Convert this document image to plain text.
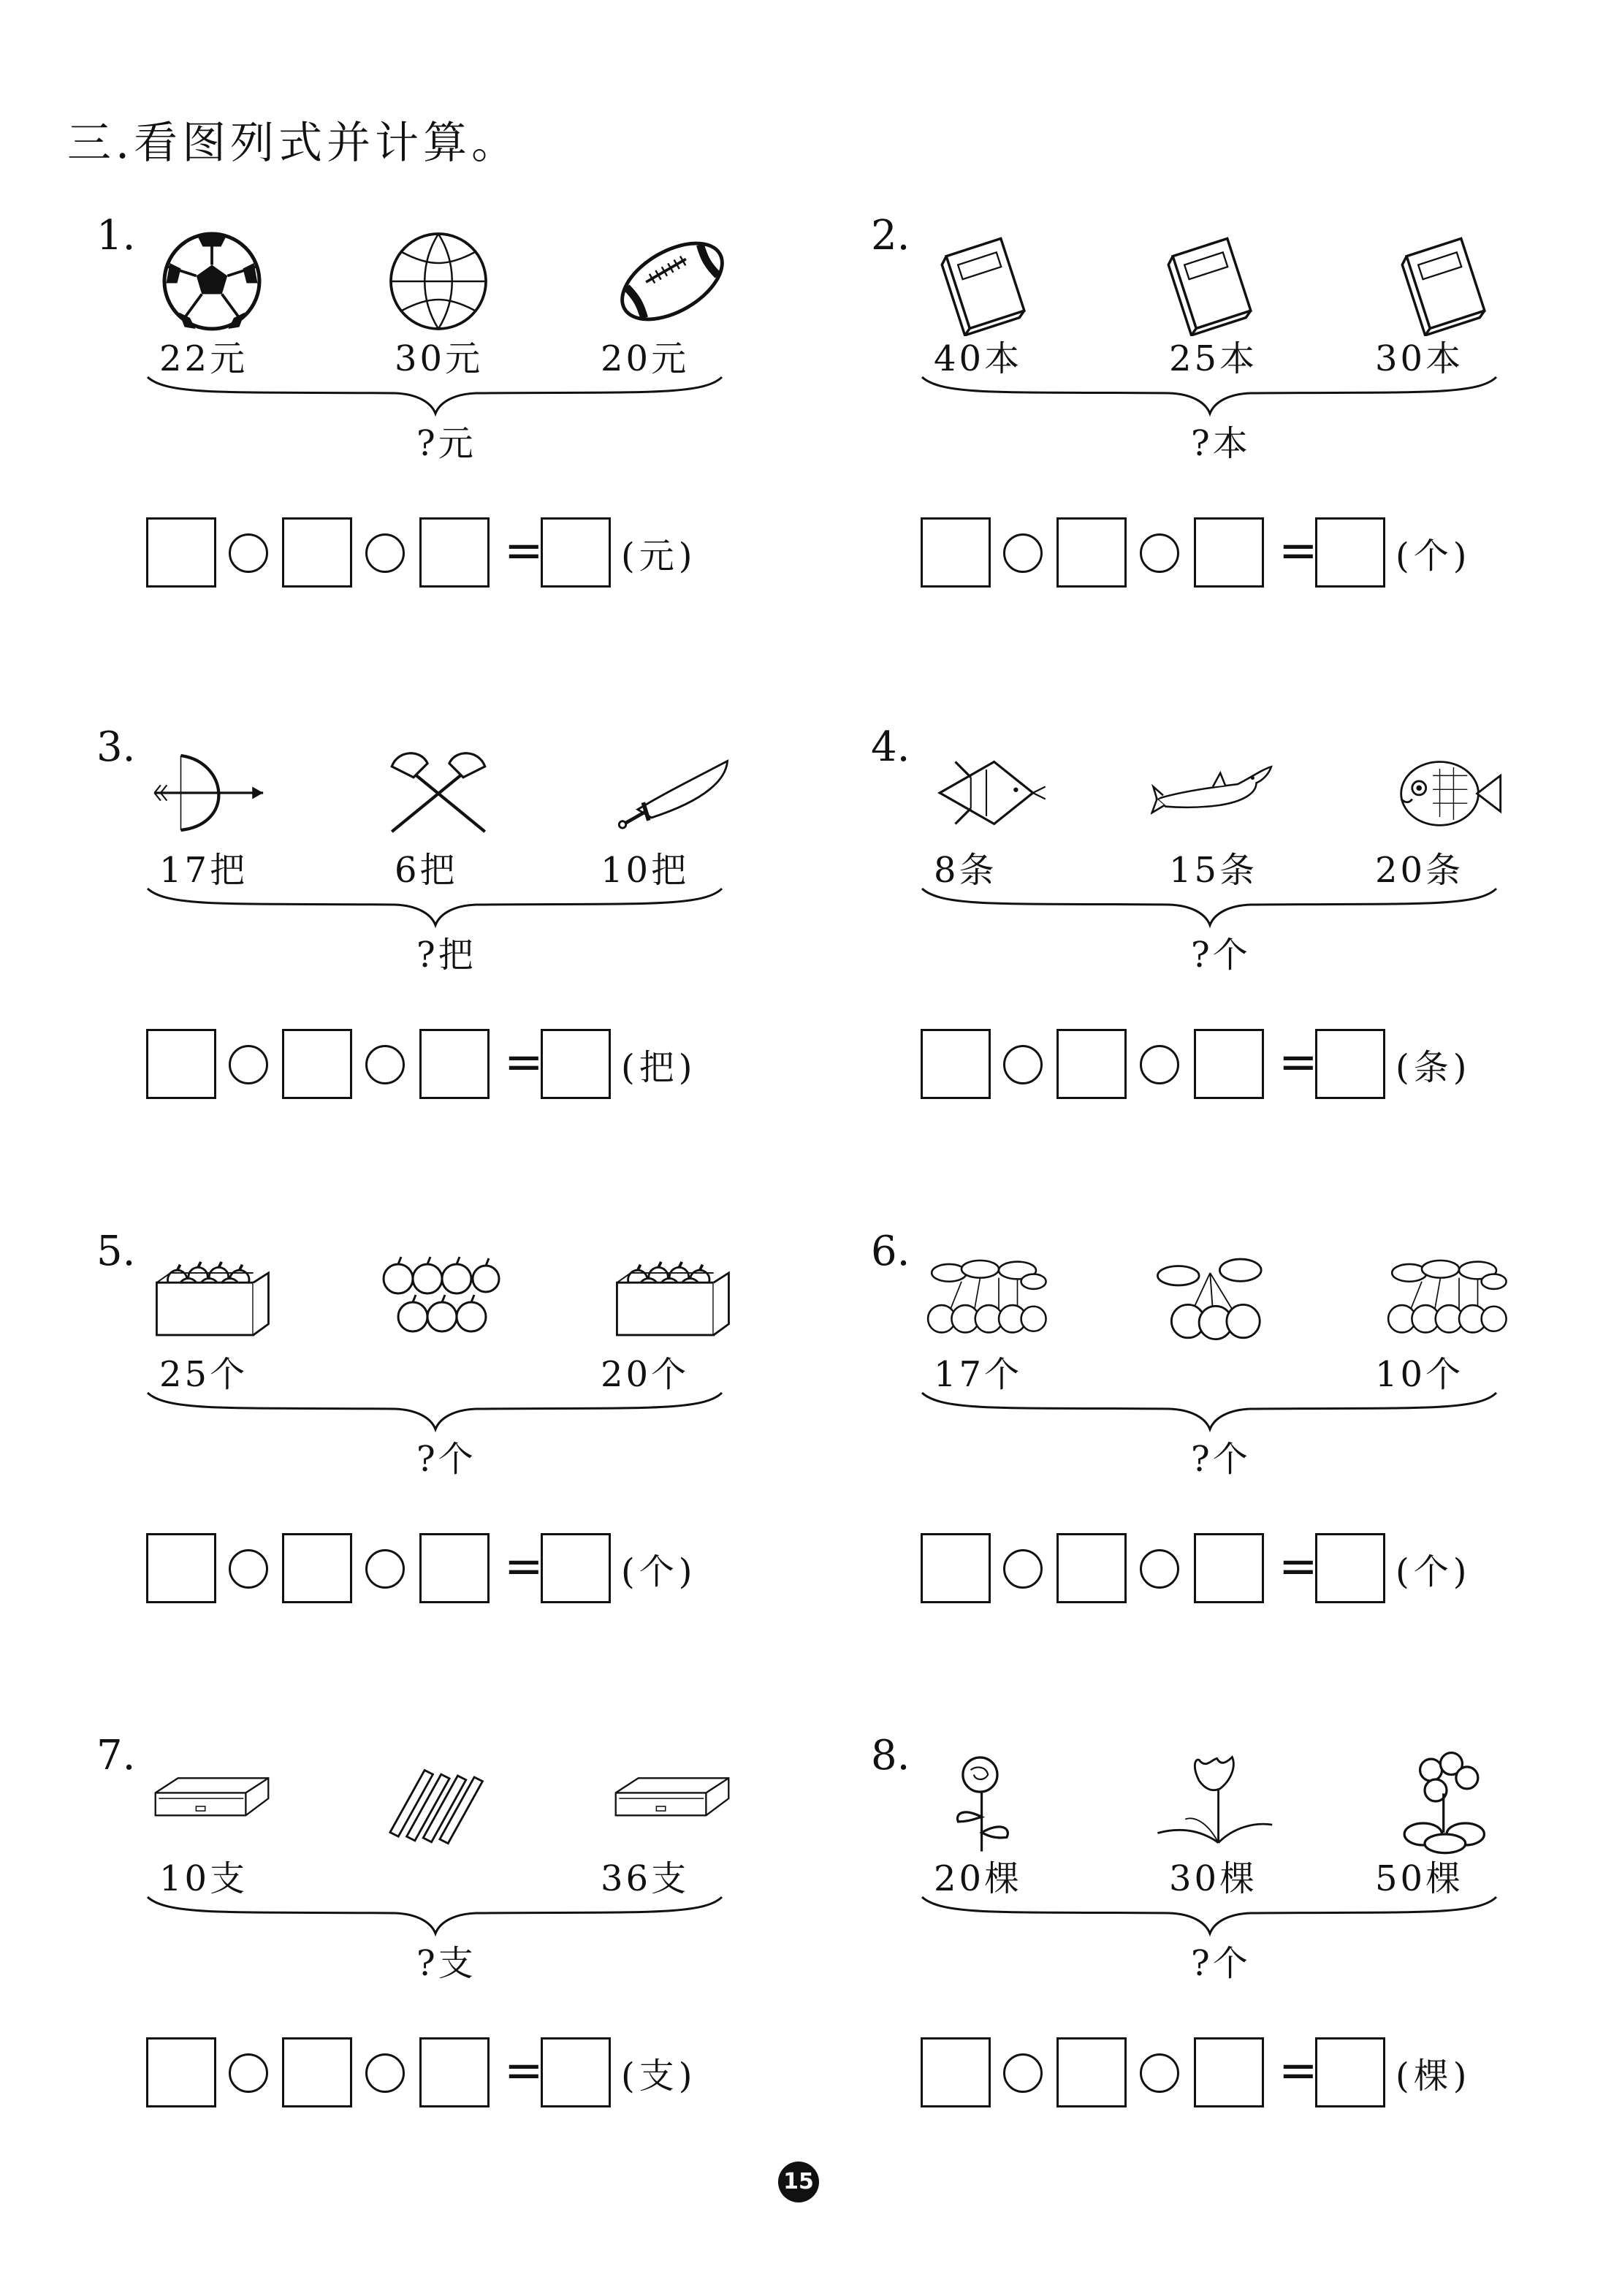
三.看图列式并计算。
1.
22元	30元	20元
?元
= (元)
2.
40本	25本	30本
?本
= (个)
3.
17把	6把	10把
?把
= (把)
4.
8条	15条	20条
?个
= (条)
5.
25个	20个
?个
= (个)
6.
17个	10个
?个
= (个)
7.
10支	36支
?支
= (支)
8.
20棵	30棵	50棵
?个
= (棵)
15
